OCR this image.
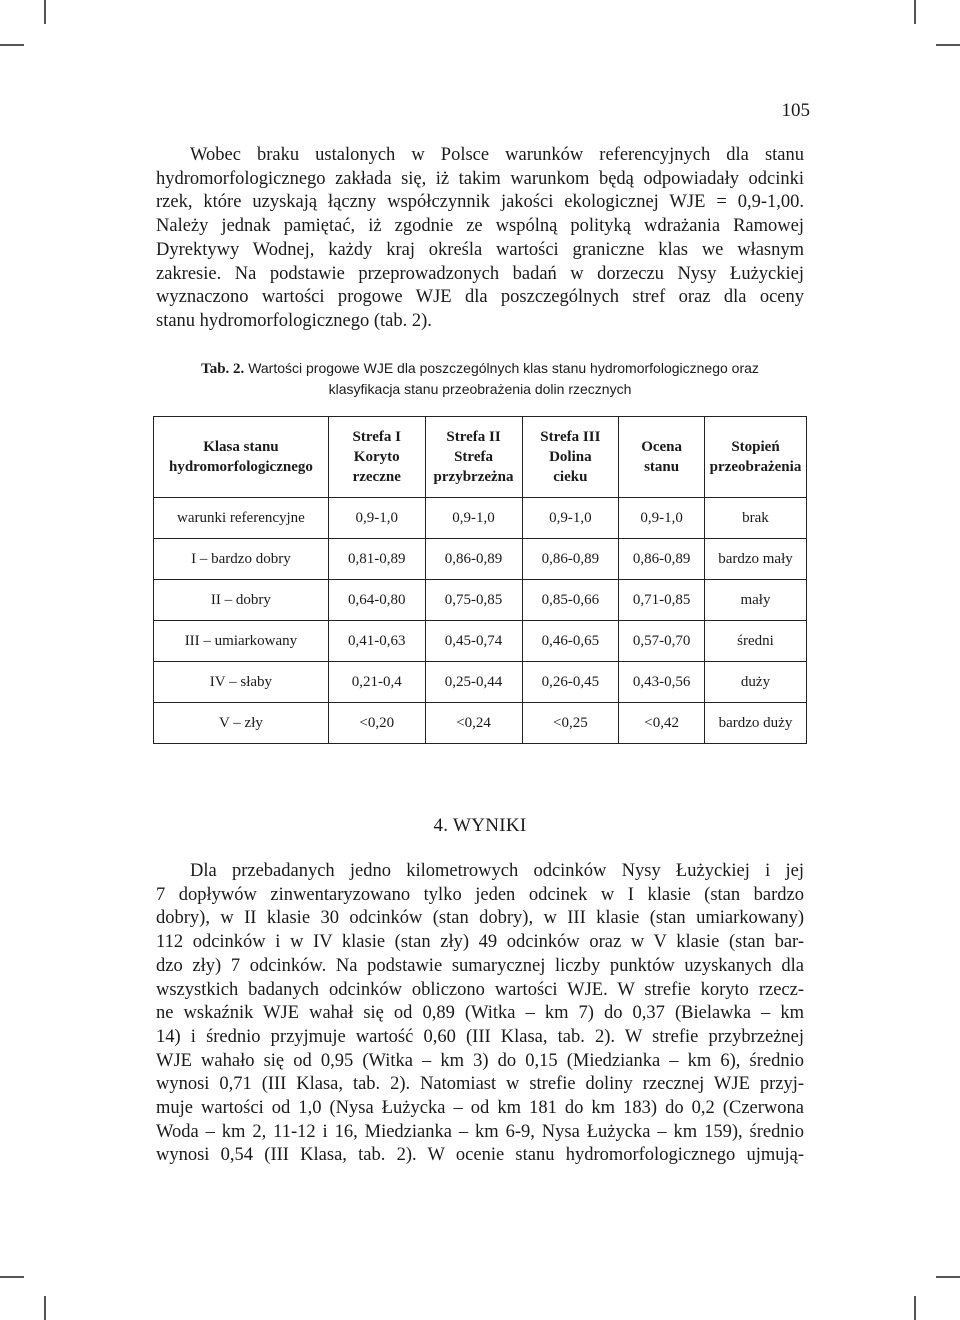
105

Wobec braku ustalonych w Polsce warunków referencyjnych dla stanu
hydromorfologicznego zakłada się, iż takim warunkom będą odpowiadały odcinki
rzek, które uzyskają łączny współczynnik jakości ekologicznej WJE = 0,9-1,00.
Należy jednak pamiętać, iż zgodnie ze wspólną polityką wdrażania Ramowej
Dyrektywy Wodnej, każdy kraj określa wartości graniczne klas we własnym
zakresie. Na podstawie przeprowadzonych badań w dorzeczu Nysy Łużyckiej
wyznaczono wartości progowe WJE dla poszczególnych stref oraz dla oceny
stanu hydromorfologicznego (tab. 2).

Tab. 2. Wartości progowe WJE dla poszczególnych klas stanu hydromorfologicznego oraz
klasyfikacja stanu przeobrażenia dolin rzecznych
Klasa stanu
hydromorfologicznego	Strefa I
Koryto
rzeczne	Strefa II
Strefa
przybrzeżna	Strefa III
Dolina
cieku	Ocena
stanu	Stopień
przeobrażenia
warunki referencyjne	0,9-1,0	0,9-1,0	0,9-1,0	0,9-1,0	brak
I – bardzo dobry	0,81-0,89	0,86-0,89	0,86-0,89	0,86-0,89	bardzo mały
II – dobry	0,64-0,80	0,75-0,85	0,85-0,66	0,71-0,85	mały
III – umiarkowany	0,41-0,63	0,45-0,74	0,46-0,65	0,57-0,70	średni
IV – słaby	0,21-0,4	0,25-0,44	0,26-0,45	0,43-0,56	duży
V – zły	<0,20	<0,24	<0,25	<0,42	bardzo duży
4. WYNIKI

Dla przebadanych jedno kilometrowych odcinków Nysy Łużyckiej i jej
7 dopływów zinwentaryzowano tylko jeden odcinek w I klasie (stan bardzo
dobry), w II klasie 30 odcinków (stan dobry), w III klasie (stan umiarkowany)
112 odcinków i w IV klasie (stan zły) 49 odcinków oraz w V klasie (stan bar-
dzo zły) 7 odcinków. Na podstawie sumarycznej liczby punktów uzyskanych dla
wszystkich badanych odcinków obliczono wartości WJE. W strefie koryto rzecz-
ne wskaźnik WJE wahał się od 0,89 (Witka – km 7) do 0,37 (Bielawka – km
14) i średnio przyjmuje wartość 0,60 (III Klasa, tab. 2). W strefie przybrzeżnej
WJE wahało się od 0,95 (Witka – km 3) do 0,15 (Miedzianka – km 6), średnio
wynosi 0,71 (III Klasa, tab. 2). Natomiast w strefie doliny rzecznej WJE przyj-
muje wartości od 1,0 (Nysa Łużycka – od km 181 do km 183) do 0,2 (Czerwona
Woda – km 2, 11-12 i 16, Miedzianka – km 6-9, Nysa Łużycka – km 159), średnio
wynosi 0,54 (III Klasa, tab. 2). W ocenie stanu hydromorfologicznego ujmują-
